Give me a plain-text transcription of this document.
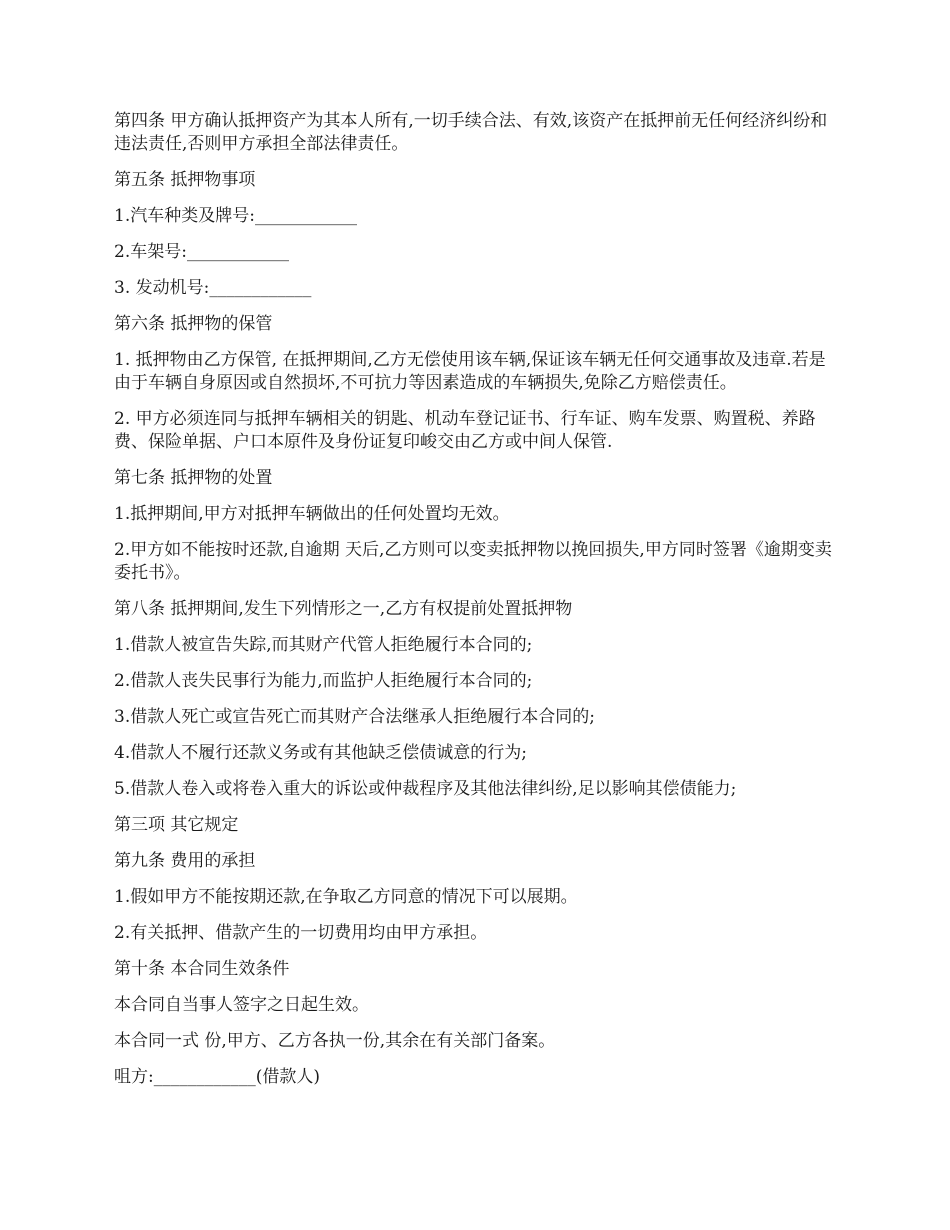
第四条 甲方确认抵押资产为其本人所有,一切手续合法、有效,该资产在抵押前无任何经济纠纷和违法责任,否则甲方承担全部法律责任。

第五条 抵押物事项

1.汽车种类及牌号:____________

2.车架号:____________

3. 发动机号:____________

第六条 抵押物的保管

1. 抵押物由乙方保管, 在抵押期间,乙方无偿使用该车辆,保证该车辆无任何交通事故及违章.若是由于车辆自身原因或自然损坏,不可抗力等因素造成的车辆损失,免除乙方赔偿责任。

2. 甲方必须连同与抵押车辆相关的钥匙、机动车登记证书、行车证、购车发票、购置税、养路费、保险单据、户口本原件及身份证复印峻交由乙方或中间人保管.

第七条 抵押物的处置

1.抵押期间,甲方对抵押车辆做出的任何处置均无效。

2.甲方如不能按时还款,自逾期 天后,乙方则可以变卖抵押物以挽回损失,甲方同时签署《逾期变卖委托书》。

第八条 抵押期间,发生下列情形之一,乙方有权提前处置抵押物

1.借款人被宣告失踪,而其财产代管人拒绝履行本合同的;

2.借款人丧失民事行为能力,而监护人拒绝履行本合同的;

3.借款人死亡或宣告死亡而其财产合法继承人拒绝履行本合同的;

4.借款人不履行还款义务或有其他缺乏偿债诚意的行为;

5.借款人卷入或将卷入重大的诉讼或仲裁程序及其他法律纠纷,足以影响其偿债能力;

第三项 其它规定

第九条 费用的承担

1.假如甲方不能按期还款,在争取乙方同意的情况下可以展期。

2.有关抵押、借款产生的一切费用均由甲方承担。

第十条 本合同生效条件

本合同自当事人签字之日起生效。

本合同一式 份,甲方、乙方各执一份,其余在有关部门备案。

咀方:____________(借款人)
